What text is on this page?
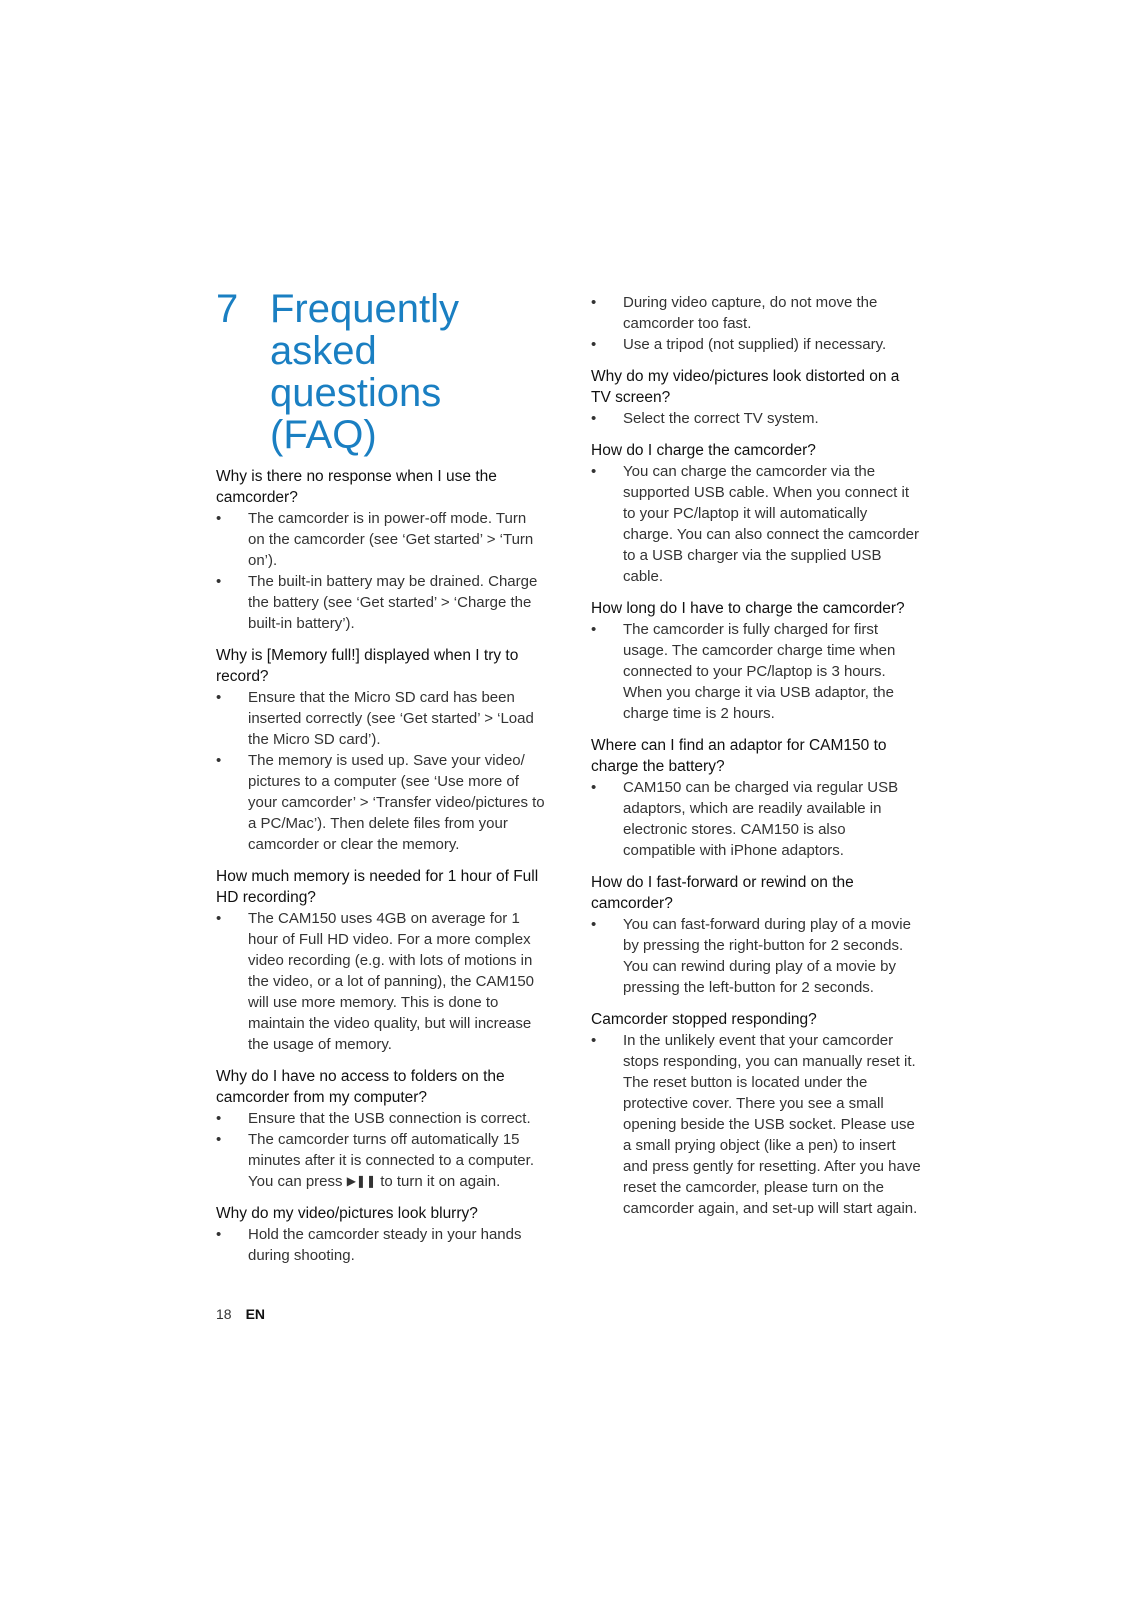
7 Frequently
asked questions
(FAQ)
Why is there no response when I use the camcorder?
• The camcorder is in power-off mode. Turn on the camcorder (see ‘Get started’ > ‘Turn on’).
• The built-in battery may be drained. Charge the battery (see ‘Get started’ > ‘Charge the built-in battery’).
Why is [Memory full!] displayed when I try to record?
• Ensure that the Micro SD card has been inserted correctly (see ‘Get started’ > ‘Load the Micro SD card’).
• The memory is used up. Save your video/ pictures to a computer (see ‘Use more of your camcorder’ > ‘Transfer video/pictures to a PC/Mac’). Then delete files from your camcorder or clear the memory.
How much memory is needed for 1 hour of Full HD recording?
• The CAM150 uses 4GB on average for 1 hour of Full HD video. For a more complex video recording (e.g. with lots of motions in the video, or a lot of panning), the CAM150 will use more memory. This is done to maintain the video quality, but will increase the usage of memory.
Why do I have no access to folders on the camcorder from my computer?
• Ensure that the USB connection is correct.
• The camcorder turns off automatically 15 minutes after it is connected to a computer. You can press ▶❚❚ to turn it on again.
Why do my video/pictures look blurry?
• Hold the camcorder steady in your hands during shooting.
• During video capture, do not move the camcorder too fast.
• Use a tripod (not supplied) if necessary.
Why do my video/pictures look distorted on a TV screen?
• Select the correct TV system.
How do I charge the camcorder?
• You can charge the camcorder via the supported USB cable. When you connect it to your PC/laptop it will automatically charge. You can also connect the camcorder to a USB charger via the supplied USB cable.
How long do I have to charge the camcorder?
• The camcorder is fully charged for first usage. The camcorder charge time when connected to your PC/laptop is 3 hours. When you charge it via USB adaptor, the charge time is 2 hours.
Where can I find an adaptor for CAM150 to charge the battery?
• CAM150 can be charged via regular USB adaptors, which are readily available in electronic stores. CAM150 is also compatible with iPhone adaptors.
How do I fast-forward or rewind on the camcorder?
• You can fast-forward during play of a movie by pressing the right-button for 2 seconds. You can rewind during play of a movie by pressing the left-button for 2 seconds.
Camcorder stopped responding?
• In the unlikely event that your camcorder stops responding, you can manually reset it. The reset button is located under the protective cover. There you see a small opening beside the USB socket. Please use a small prying object (like a pen) to insert and press gently for resetting. After you have reset the camcorder, please turn on the camcorder again, and set-up will start again.
18 EN
